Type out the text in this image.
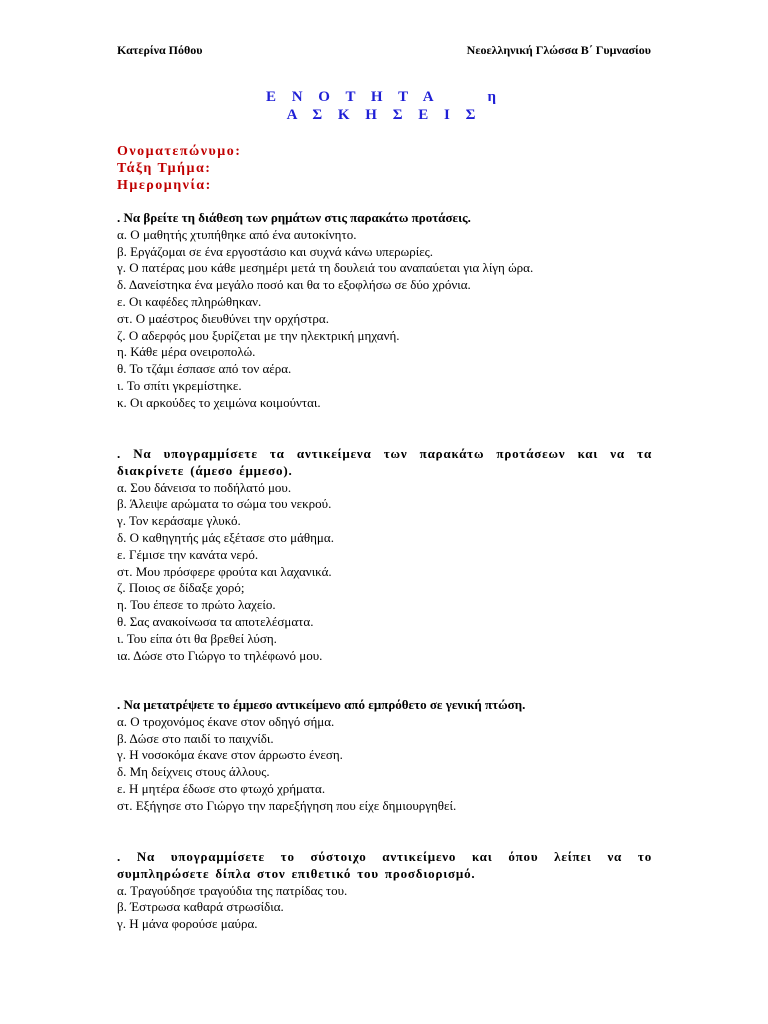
Κατερίνα Πόθου	Νεοελληνική Γλώσσα Β΄ Γυμνασίου
Ε Ν Ο Τ Η Τ Α     η
Α Σ Κ Η Σ Ε Ι Σ
Ονοματεπώνυμο:
Τάξη Τμήμα:
Ημερομηνία:
. Να βρείτε τη διάθεση των ρημάτων στις παρακάτω προτάσεις.
α. Ο μαθητής χτυπήθηκε από ένα αυτοκίνητο.
β. Εργάζομαι σε ένα εργοστάσιο και συχνά κάνω υπερωρίες.
γ. Ο πατέρας μου κάθε μεσημέρι μετά τη δουλειά του αναπαύεται για λίγη ώρα.
δ. Δανείστηκα ένα μεγάλο ποσό και θα το εξοφλήσω σε δύο χρόνια.
ε. Οι καφέδες πληρώθηκαν.
στ. Ο μαέστρος διευθύνει την ορχήστρα.
ζ. Ο αδερφός μου ξυρίζεται με την ηλεκτρική μηχανή.
η. Κάθε μέρα ονειροπολώ.
θ. Το τζάμι έσπασε από τον αέρα.
ι. Το σπίτι γκρεμίστηκε.
κ. Οι αρκούδες το χειμώνα κοιμούνται.
. Να υπογραμμίσετε τα αντικείμενα των παρακάτω προτάσεων και να τα διακρίνετε (άμεσο έμμεσο).
α. Σου δάνεισα το ποδήλατό μου.
β. Άλειψε αρώματα το σώμα του νεκρού.
γ. Τον κεράσαμε γλυκό.
δ. Ο καθηγητής μάς εξέτασε στο μάθημα.
ε. Γέμισε την κανάτα νερό.
στ. Μου πρόσφερε φρούτα και λαχανικά.
ζ. Ποιος σε δίδαξε χορό;
η. Του έπεσε το πρώτο λαχείο.
θ. Σας ανακοίνωσα τα αποτελέσματα.
ι. Του είπα ότι θα βρεθεί λύση.
ια. Δώσε στο Γιώργο το τηλέφωνό μου.
. Να μετατρέψετε το έμμεσο αντικείμενο από εμπρόθετο σε γενική πτώση.
α. Ο τροχονόμος έκανε στον οδηγό σήμα.
β. Δώσε στο παιδί το παιχνίδι.
γ. Η νοσοκόμα έκανε στον άρρωστο ένεση.
δ. Μη δείχνεις στους άλλους.
ε. Η μητέρα έδωσε στο φτωχό χρήματα.
στ. Εξήγησε στο Γιώργο την παρεξήγηση που είχε δημιουργηθεί.
. Να υπογραμμίσετε το σύστοιχο αντικείμενο και όπου λείπει να το συμπληρώσετε δίπλα στον επιθετικό του προσδιορισμό.
α. Τραγούδησε τραγούδια της πατρίδας του.
β. Έστρωσα καθαρά στρωσίδια.
γ. Η μάνα φορούσε μαύρα.
